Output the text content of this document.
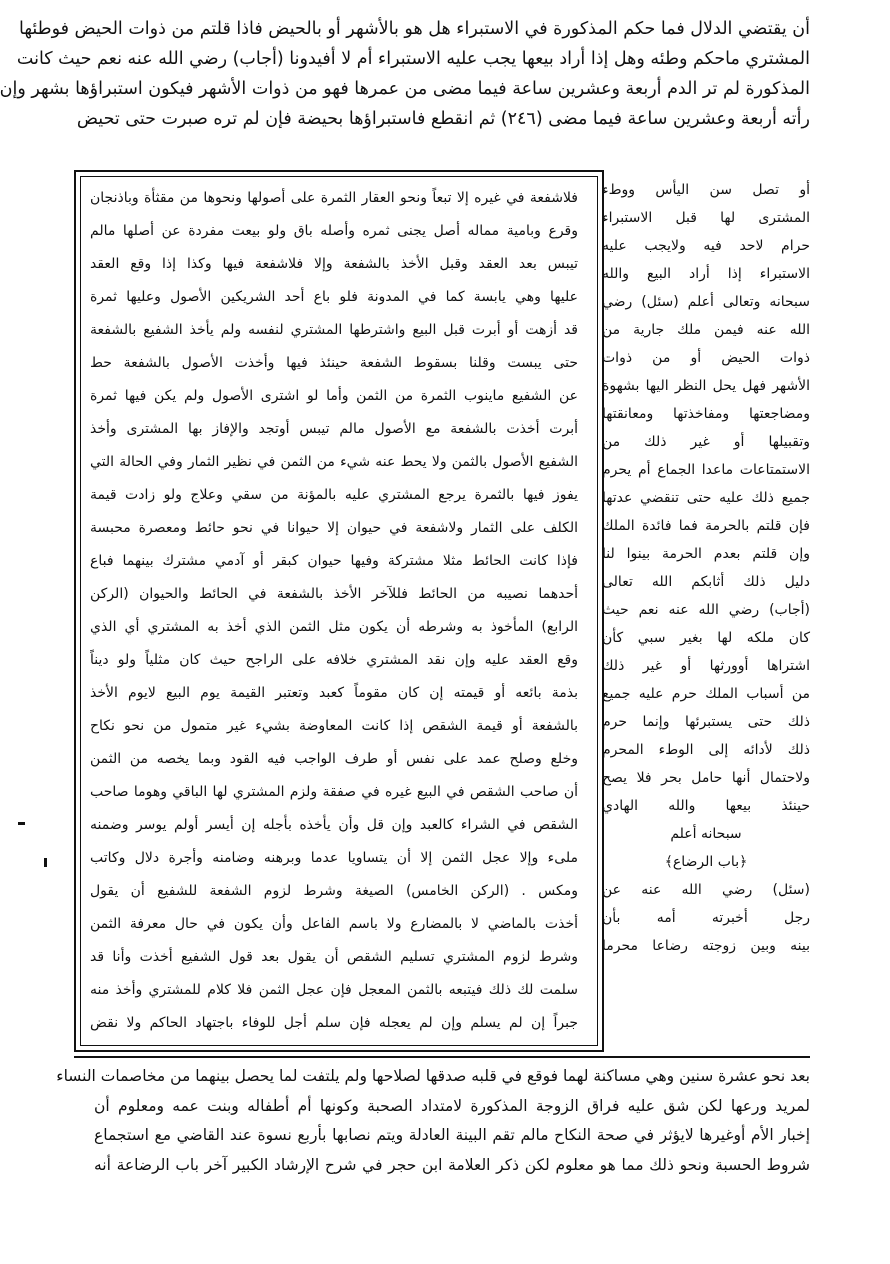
أن يقتضي الدلال فما حكم المذكورة في الاستبراء هل هو بالأشهر أو بالحيض فاذا قلتم من ذوات الحيض فوطئها
المشتري ماحكم وطئه وهل إذا أراد بيعها يجب عليه الاستبراء أم لا أفيدونا (أجاب) رضي الله عنه نعم حيث كانت
المذكورة لم تر الدم أربعة وعشرين ساعة فيما مضى من عمرها فهو من ذوات الأشهر فيكون استبراؤها بشهر وإن
رأته أربعة وعشرين ساعة فيما مضى (٢٤٦) ثم انقطع فاستبراؤها بحيضة فإن لم تره صبرت حتى تحيض
أو تصل سن اليأس ووطء
المشترى لها قبل الاستبراء
حرام لاحد فيه ولايجب عليه
الاستبراء إذا أراد البيع والله
سبحانه وتعالى أعلم (سئل) رضي
الله عنه فيمن ملك جارية من
ذوات الحيض أو من ذوات
الأشهر فهل يحل النظر اليها بشهوة
ومضاجعتها ومفاخذتها ومعانقتها
وتقبيلها أو غير ذلك من
الاستمتاعات ماعدا الجماع أم يحرم
جميع ذلك عليه حتى تنقضي عدتها
فإن قلتم بالحرمة فما فائدة الملك
وإن قلتم بعدم الحرمة بينوا لنا
دليل ذلك أثابكم الله تعالى
(أجاب) رضي الله عنه نعم حيث
كان ملكه لها بغير سبي كأن
اشتراها أوورثها أو غير ذلك
من أسباب الملك حرم عليه جميع
ذلك حتى يستبرئها وإنما حرم
ذلك لأدائه إلى الوطء المحرم
ولاحتمال أنها حامل بحر فلا يصح
حينئذ بيعها والله الهادي
سبحانه أعلم
﴿باب الرضاع﴾
(سئل) رضي الله عنه عن
رجل أخبرته أمه بأن
بينه وبين زوجته رضاعا محرما
فلاشفعة في غيره إلا تبعاً ونحو العقار الثمرة على أصولها ونحوها من مقثأة وباذنجان
وقرع وبامية مماله أصل يجنى ثمره وأصله باق ولو بيعت مفردة عن أصلها مالم
تيبس بعد العقد وقبل الأخذ بالشفعة وإلا فلاشفعة فيها وكذا إذا وقع العقد
عليها وهي يابسة كما في المدونة فلو باع أحد الشريكين الأصول وعليها ثمرة
قد أزهت أو أبرت قبل البيع واشترطها المشتري لنفسه ولم يأخذ الشفيع بالشفعة
حتى يبست وقلنا بسقوط الشفعة حينئذ فيها وأخذت الأصول بالشفعة حط
عن الشفيع ماينوب الثمرة من الثمن وأما لو اشترى الأصول ولم يكن فيها ثمرة
أبرت أخذت بالشفعة مع الأصول مالم تيبس أوتجد والإفاز بها المشترى وأخذ
الشفيع الأصول بالثمن ولا يحط عنه شيء من الثمن في نظير الثمار وفي الحالة التي
يفوز فيها بالثمرة يرجع المشتري عليه بالمؤنة من سقي وعلاج ولو زادت قيمة
الكلف على الثمار ولاشفعة في حيوان إلا حيوانا في نحو حائط ومعصرة محبسة
فإذا كانت الحائط مثلا مشتركة وفيها حيوان كبقر أو آدمي مشترك بينهما فباع
أحدهما نصيبه من الحائط فللآخر الأخذ بالشفعة في الحائط والحيوان (الركن
الرابع) المأخوذ به وشرطه أن يكون مثل الثمن الذي أخذ به المشتري أي الذي
وقع العقد عليه وإن نقد المشتري خلافه على الراجح حيث كان مثلياً ولو ديناً
بذمة بائعه أو قيمته إن كان مقوماً كعبد وتعتبر القيمة يوم البيع لايوم الأخذ
بالشفعة أو قيمة الشقص إذا كانت المعاوضة بشيء غير متمول من نحو نكاح
وخلع وصلح عمد على نفس أو طرف الواجب فيه القود وبما يخصه من الثمن
أن صاحب الشقص في البيع غيره في صفقة ولزم المشتري لها الباقي وهوما صاحب
الشقص في الشراء كالعبد وإن قل وأن يأخذه بأجله إن أيسر أولم يوسر وضمنه
ملىء وإلا عجل الثمن إلا أن يتساويا عدما وبرهنه وضامنه وأجرة دلال وكاتب
ومكس . (الركن الخامس) الصيغة وشرط لزوم الشفعة للشفيع أن يقول
أخذت بالماضي لا بالمضارع ولا باسم الفاعل وأن يكون في حال معرفة الثمن
وشرط لزوم المشتري تسليم الشقص أن يقول بعد قول الشفيع أخذت وأنا قد
سلمت لك ذلك فيتبعه بالثمن المعجل فإن عجل الثمن فلا كلام للمشتري وأخذ منه
جبراً إن لم يسلم وإن لم يعجله فإن سلم أجل للوفاء باجتهاد الحاكم ولا نقض
بعد نحو عشرة سنين وهي مساكنة لهما فوقع في قلبه صدقها لصلاحها ولم يلتفت لما يحصل بينهما من مخاصمات النساء
لمريد ورعها لكن شق عليه فراق الزوجة المذكورة لامتداد الصحبة وكونها أم أطفاله وبنت عمه ومعلوم أن
إخبار الأم أوغيرها لايؤثر في صحة النكاح مالم تقم البينة العادلة ويتم نصابها بأربع نسوة عند القاضي مع استجماع
شروط الحسبة ونحو ذلك مما هو معلوم لكن ذكر العلامة ابن حجر في شرح الإرشاد الكبير آخر باب الرضاعة أنه
